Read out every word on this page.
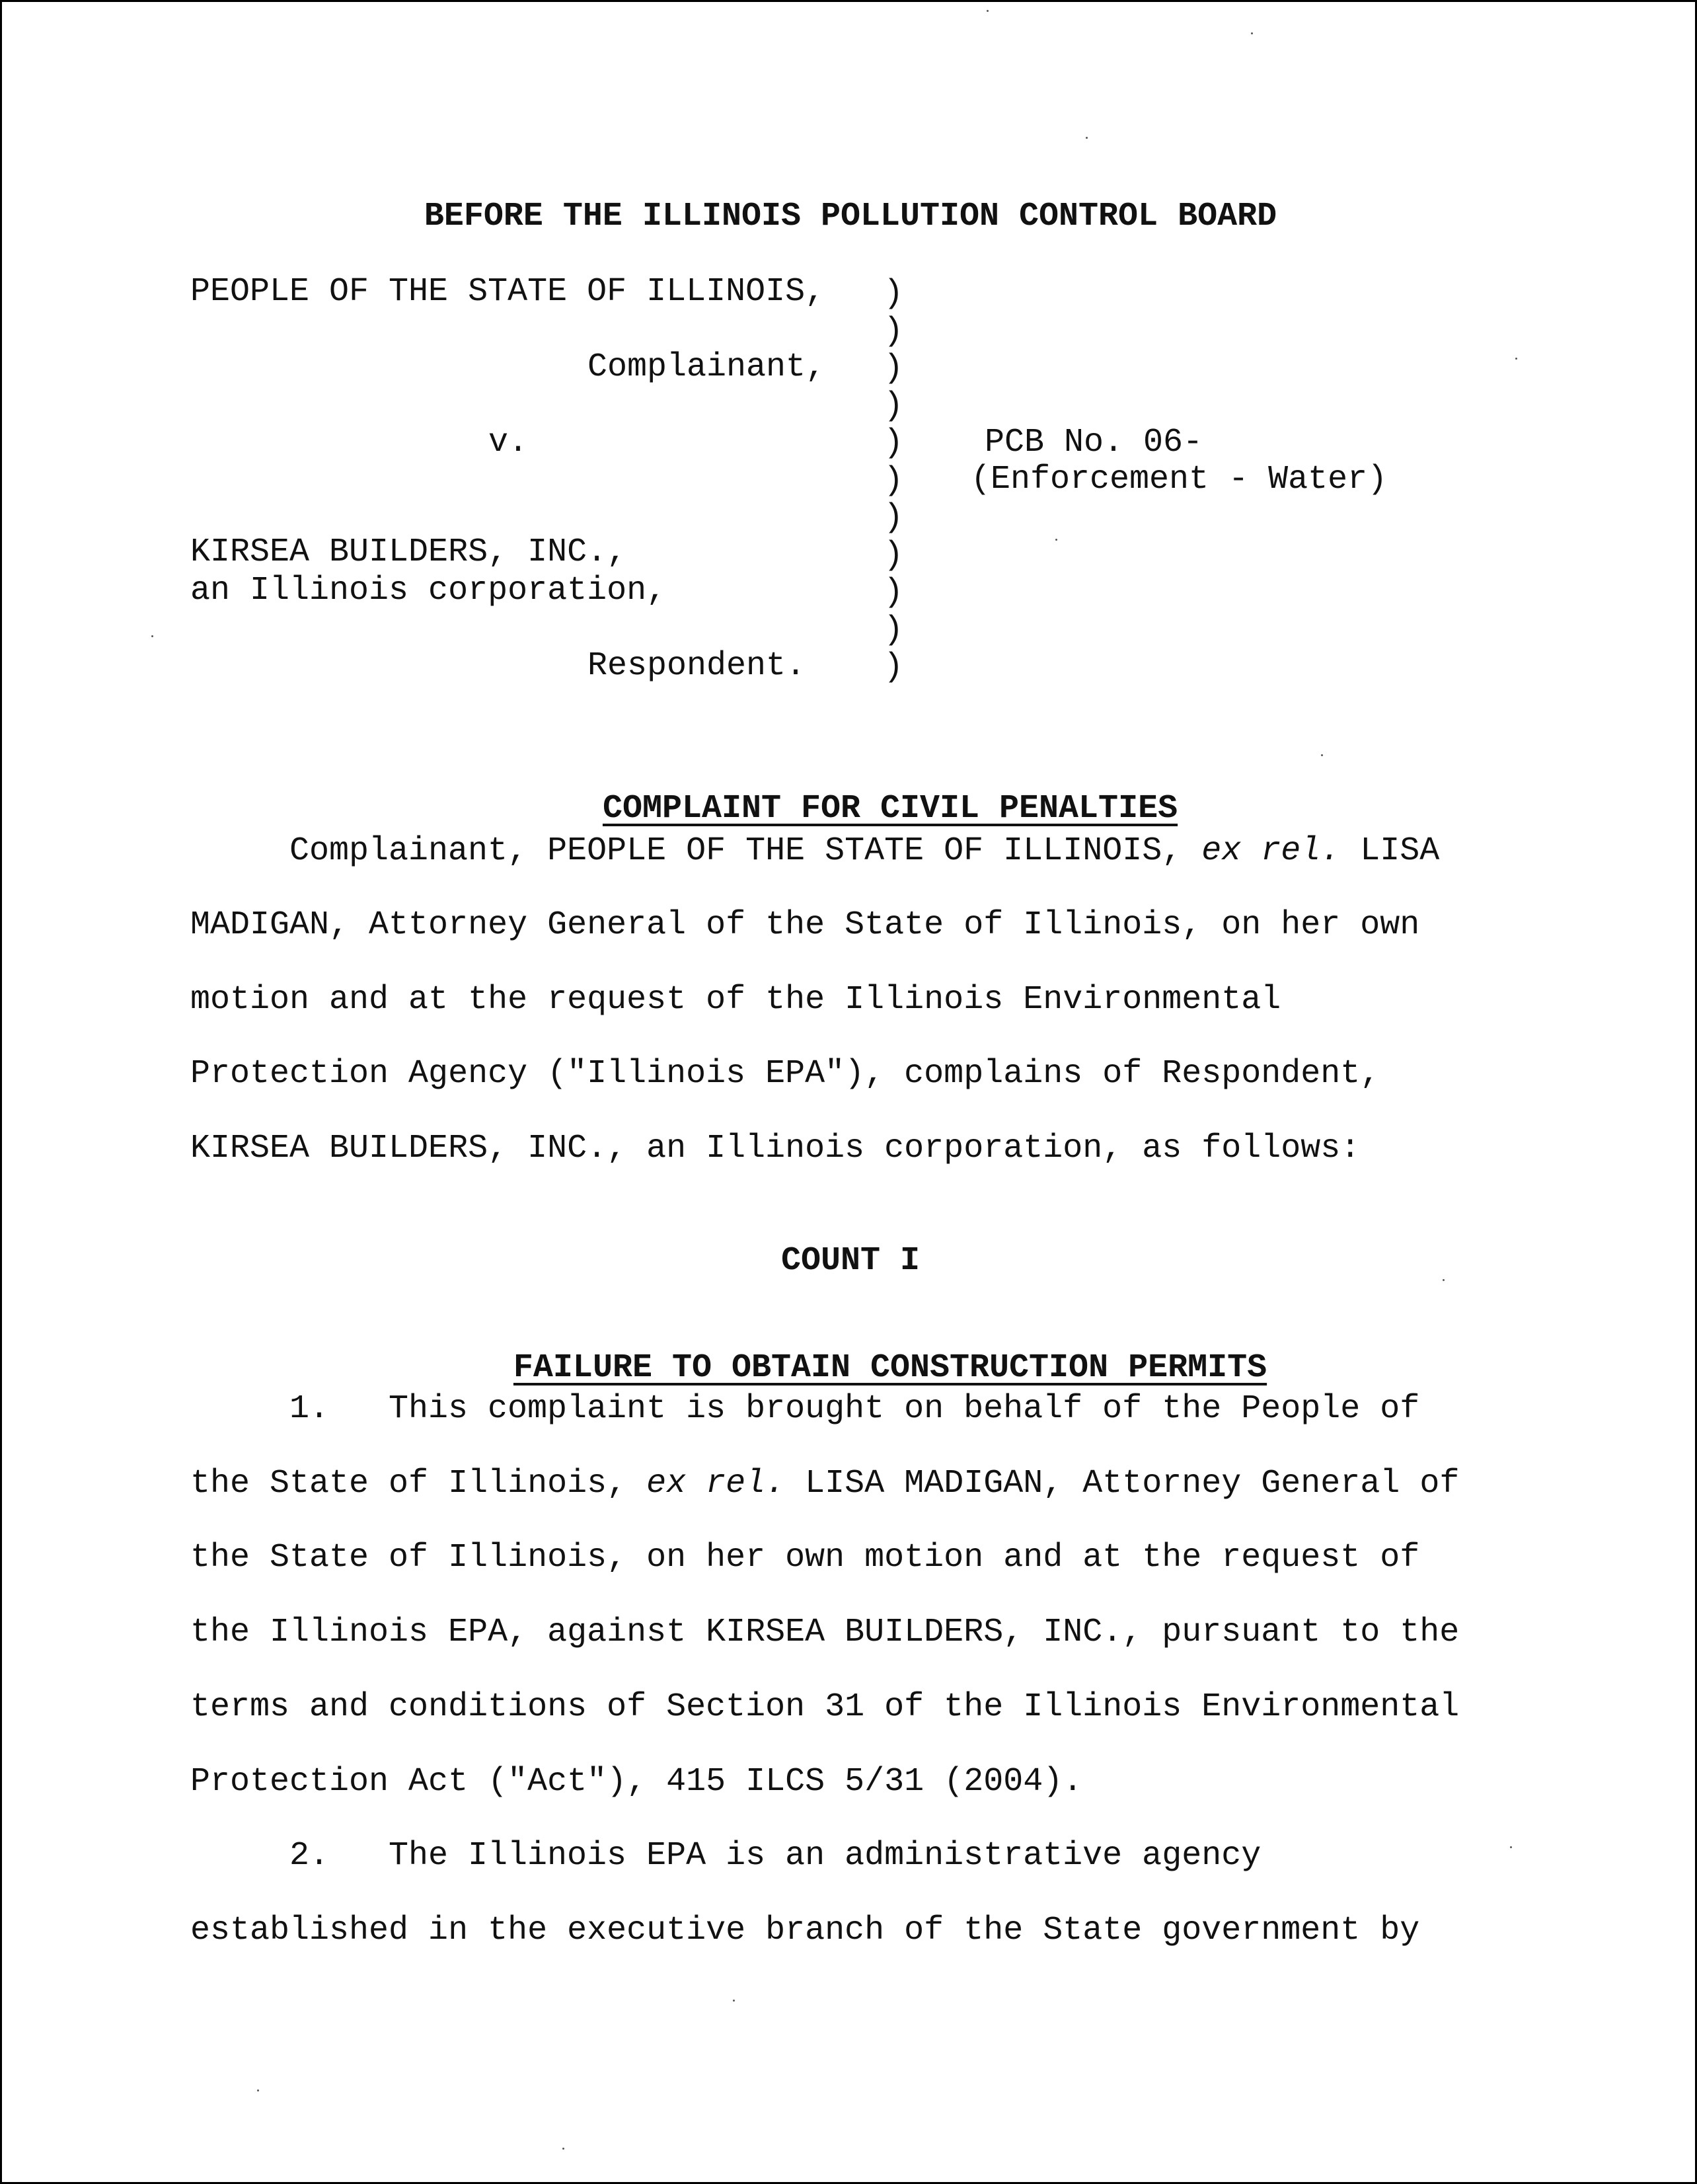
BEFORE THE ILLINOIS POLLUTION CONTROL BOARD
PEOPLE OF THE STATE OF ILLINOIS,
Complainant,
v.
KIRSEA BUILDERS, INC.,
an Illinois corporation,
Respondent.
)
)
)
)
)
)
)
)
)
)
)
PCB No. 06-
(Enforcement - Water)

COMPLAINT FOR CIVIL PENALTIES

Complainant, PEOPLE OF THE STATE OF ILLINOIS, ex rel. LISA
MADIGAN, Attorney General of the State of Illinois, on her own
motion and at the request of the Illinois Environmental
Protection Agency ("Illinois EPA"), complains of Respondent,
KIRSEA BUILDERS, INC., an Illinois corporation, as follows:
COUNT I

FAILURE TO OBTAIN CONSTRUCTION PERMITS

1. This complaint is brought on behalf of the People of
the State of Illinois, ex rel. LISA MADIGAN, Attorney General of
the State of Illinois, on her own motion and at the request of
the Illinois EPA, against KIRSEA BUILDERS, INC., pursuant to the
terms and conditions of Section 31 of the Illinois Environmental
Protection Act ("Act"), 415 ILCS 5/31 (2004).
2. The Illinois EPA is an administrative agency
established in the executive branch of the State government by
